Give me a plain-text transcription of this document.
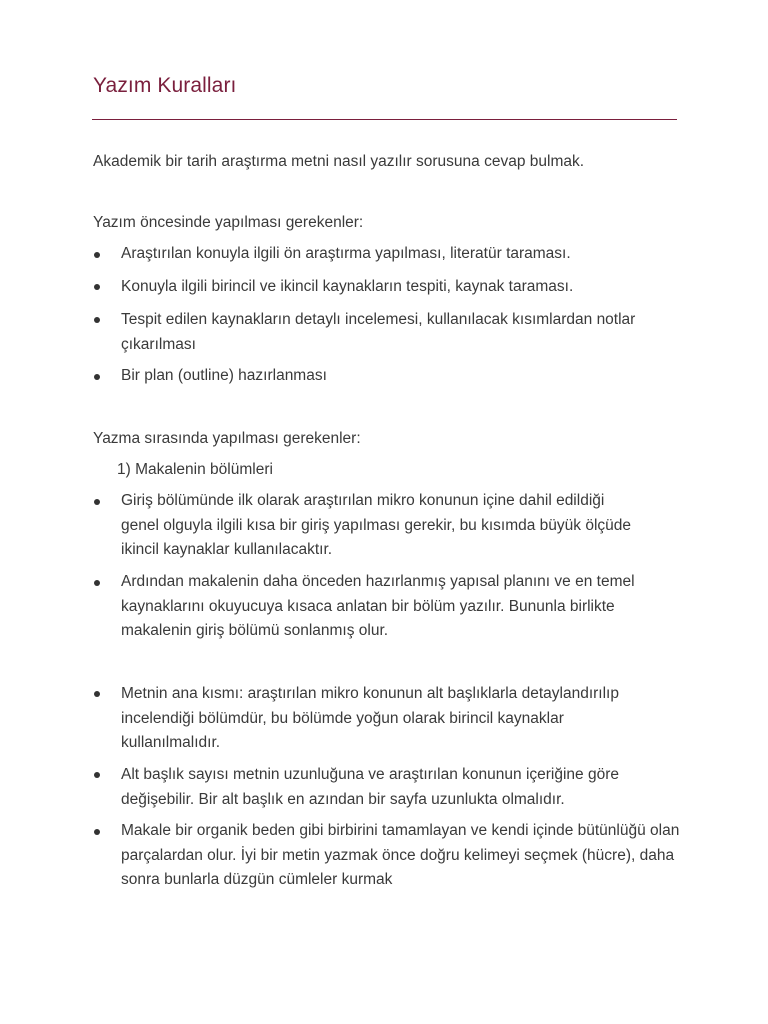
Yazım Kuralları

Akademik bir tarih araştırma metni nasıl yazılır sorusuna cevap bulmak.

Yazım öncesinde yapılması gerekenler:

Araştırılan konuyla ilgili ön araştırma yapılması, literatür taraması.

Konuyla ilgili birincil ve ikincil kaynakların tespiti, kaynak taraması.

Tespit edilen kaynakların detaylı incelemesi, kullanılacak kısımlardan notlar çıkarılması

Bir plan (outline) hazırlanması

Yazma sırasında yapılması gerekenler:

1) Makalenin bölümleri

Giriş bölümünde ilk olarak araştırılan mikro konunun içine dahil edildiği genel olguyla ilgili kısa bir giriş yapılması gerekir, bu kısımda büyük ölçüde ikincil kaynaklar kullanılacaktır.

Ardından makalenin daha önceden hazırlanmış yapısal planını ve en temel kaynaklarını okuyucuya kısaca anlatan bir bölüm yazılır. Bununla birlikte makalenin giriş bölümü sonlanmış olur.

Metnin ana kısmı: araştırılan mikro konunun alt başlıklarla detaylandırılıp incelendiği bölümdür, bu bölümde yoğun olarak birincil kaynaklar kullanılmalıdır.

Alt başlık sayısı metnin uzunluğuna ve araştırılan konunun içeriğine göre değişebilir. Bir alt başlık en azından bir sayfa uzunlukta olmalıdır.

Makale bir organik beden gibi birbirini tamamlayan ve kendi içinde bütünlüğü olan parçalardan olur. İyi bir metin yazmak önce doğru kelimeyi seçmek (hücre), daha sonra bunlarla düzgün cümleler kurmak
